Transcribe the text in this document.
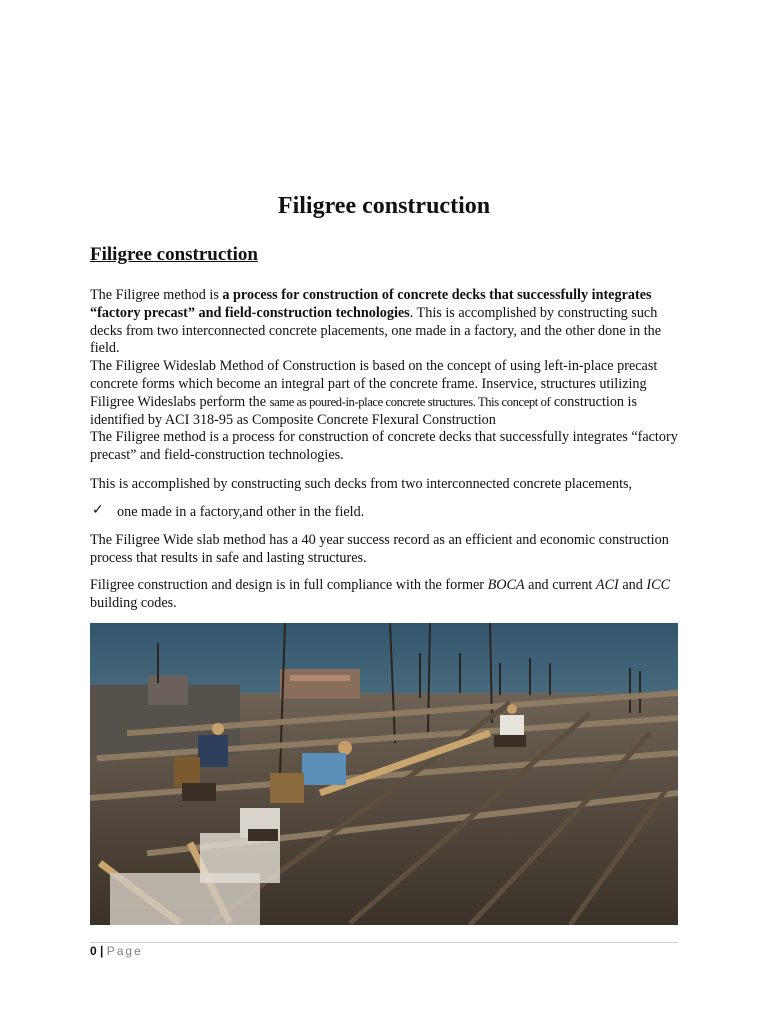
Filigree construction
Filigree construction

The Filigree method is a process for construction of concrete decks that successfully integrates “factory precast” and field-construction technologies. This is accomplished by constructing such decks from two interconnected concrete placements, one made in a factory, and the other done in the field.

The Filigree Wideslab Method of Construction is based on the concept of using left-in-place precast concrete forms which become an integral part of the concrete frame. Inservice, structures utilizing Filigree Wideslabs perform the same as poured-in-place concrete structures. This concept of construction is identified by ACI 318-95 as Composite Concrete Flexural Construction

The Filigree method is a process for construction of concrete decks that successfully integrates “factory precast” and field-construction technologies.

This is accomplished by constructing such decks from two interconnected concrete placements,

✓ one made in a factory,and other in the field.

The Filigree Wide slab method has a 40 year success record as an efficient and economic construction process that results in safe and lasting structures.

Filigree construction and design is in full compliance with the former BOCA and current ACI and ICC building codes.

0 | Page
